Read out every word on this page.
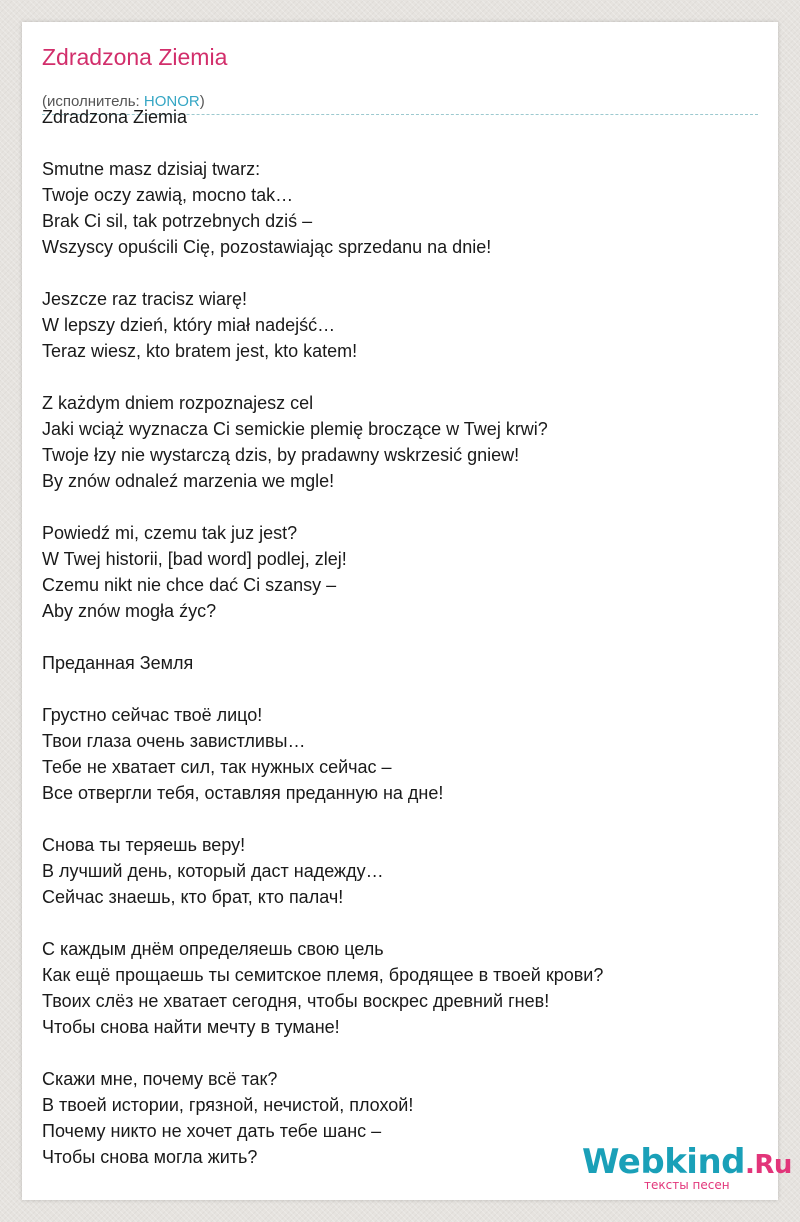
Zdradzona Ziemia
(исполнитель: HONOR)
Zdradzona Ziemia
Smutne masz dzisiaj twarz:
Twoje oczy zawią, mocno tak…
Brak Ci sil, tak potrzebnych dziś –
Wszyscy opuścili Cię, pozostawiając sprzedanu na dnie!
Jeszcze raz tracisz wiarę!
W lepszy dzień, który miał nadejść…
Teraz wiesz, kto bratem jest, kto katem!
Z każdym dniem rozpoznajesz cel
Jaki wciąż wyznacza Ci semickie plemię broczące w Twej krwi?
Twoje łzy nie wystarczą dzis, by pradawny wskrzesić gniew!
By znów odnaleź marzenia we mgle!
Powiedź mi, czemu tak juz jest?
W Twej historii, [bad word] podlej, zlej!
Czemu nikt nie chce dać Ci szansy –
Aby znów mogła źyc?
Преданная Земля
Грустно сейчас твоё лицо!
Твои глаза очень завистливы…
Тебе не хватает сил, так нужных сейчас –
Все отвергли тебя, оставляя преданную на дне!
Снова ты теряешь веру!
В лучший день, который даст надежду…
Сейчас знаешь, кто брат, кто палач!
С каждым днём определяешь свою цель
Как ещё прощаешь ты семитское племя, бродящее в твоей крови?
Твоих слёз не хватает сегодня, чтобы воскрес древний гнев!
Чтобы снова найти мечту в тумане!
Скажи мне, почему всё так?
В твоей истории, грязной, нечистой, плохой!
Почему никто не хочет дать тебе шанс –
Чтобы снова могла жить?	Webkind.Ru
тексты песен
